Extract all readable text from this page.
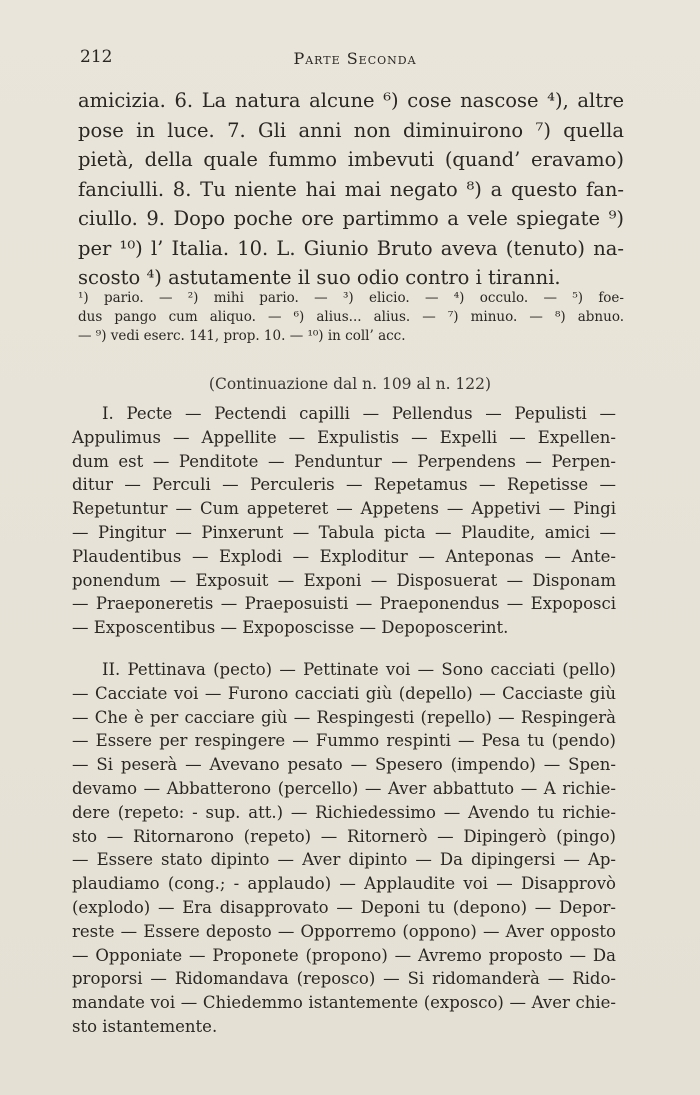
212	Parte Seconda

amicizia. 6. La natura alcune ⁶) cose nascose ⁴), altre
pose in luce. 7. Gli anni non diminuirono ⁷) quella
pietà, della quale fummo imbevuti (quand’ eravamo)
fanciulli. 8. Tu niente hai mai negato ⁸) a questo fan-
ciullo. 9. Dopo poche ore partimmo a vele spiegate ⁹)
per ¹⁰) l’ Italia. 10. L. Giunio Bruto aveva (tenuto) na-
scosto ⁴) astutamente il suo odio contro i tiranni.

¹) pario. — ²) mihi pario. — ³) elicio. — ⁴) occulo. — ⁵) foe-
dus pango cum aliquo. — ⁶) alius... alius. — ⁷) minuo. — ⁸) abnuo.
— ⁹) vedi eserc. 141, prop. 10. — ¹⁰) in coll’ acc.

(Continuazione dal n. 109 al n. 122)

I. Pecte — Pectendi capilli — Pellendus — Pepulisti —
Appulimus — Appellite — Expulistis — Expelli — Expellen-
dum est — Penditote — Penduntur — Perpendens — Perpen-
ditur — Perculi — Perculeris — Repetamus — Repetisse —
Repetuntur — Cum appeteret — Appetens — Appetivi — Pingi
— Pingitur — Pinxerunt — Tabula picta — Plaudite, amici —
Plaudentibus — Explodi — Exploditur — Anteponas — Ante-
ponendum — Exposuit — Exponi — Disposuerat — Disponam
— Praeponeretis — Praeposuisti — Praeponendus — Expoposci
— Exposcentibus — Expoposcisse — Depoposcerint.

II. Pettinava (pecto) — Pettinate voi — Sono cacciati (pello)
— Cacciate voi — Furono cacciati giù (depello) — Cacciaste giù
— Che è per cacciare giù — Respingesti (repello) — Respingerà
— Essere per respingere — Fummo respinti — Pesa tu (pendo)
— Si peserà — Avevano pesato — Spesero (impendo) — Spen-
devamo — Abbatterono (percello) — Aver abbattuto — A richie-
dere (repeto: - sup. att.) — Richiedessimo — Avendo tu richie-
sto — Ritornarono (repeto) — Ritornerò — Dipingerò (pingo)
— Essere stato dipinto — Aver dipinto — Da dipingersi — Ap-
plaudiamo (cong.; - applaudo) — Applaudite voi — Disapprovò
(explodo) — Era disapprovato — Deponi tu (depono) — Depor-
reste — Essere deposto — Opporremo (oppono) — Aver opposto
— Opponiate — Proponete (propono) — Avremo proposto — Da
proporsi — Ridomandava (reposco) — Si ridomanderà — Rido-
mandate voi — Chiedemmo istantemente (exposco) — Aver chie-
sto istantemente.
